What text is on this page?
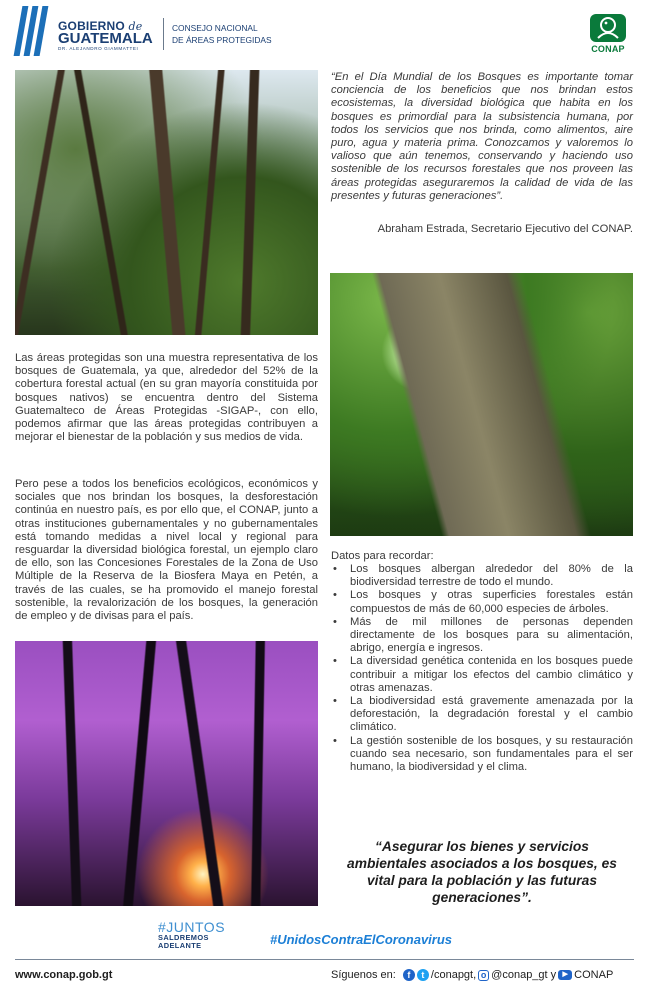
GOBIERNO de
GUATEMALA
DR. ALEJANDRO GIAMMATTEI
CONSEJO NACIONAL
DE ÁREAS PROTEGIDAS
CONAP
“En el Día Mundial de los Bosques es importante tomar conciencia de los beneficios que nos brindan estos ecosistemas, la diversidad biológica que habita en los bosques es primordial para la subsistencia humana, por todos los servicios que nos brinda, como alimentos, aire puro, agua y materia prima. Conozcamos y valoremos lo valioso que aún tenemos, conservando y haciendo uso sostenible de los recursos forestales que nos proveen las áreas protegidas aseguraremos la calidad de vida de las presentes y futuras generaciones”.
Abraham Estrada, Secretario Ejecutivo del CONAP.
Las áreas protegidas son una muestra representativa de los bosques de Guatemala, ya que, alrededor del 52% de la cobertura forestal actual (en su gran mayoría constituida por bosques nativos) se encuentra dentro del Sistema Guatemalteco de Áreas Protegidas -SIGAP-, con ello, podemos afirmar que las áreas protegidas contribuyen a mejorar el bienestar de la población y sus medios de vida.
Pero pese a todos los beneficios ecológicos, económicos y sociales que nos brindan los bosques, la desforestación continúa en nuestro país, es por ello que, el CONAP, junto a otras instituciones gubernamentales y no gubernamentales está tomando medidas a nivel local y regional para resguardar la diversidad biológica forestal, un ejemplo claro de ello, son las Concesiones Forestales de la Zona de Uso Múltiple de la Reserva de la Biosfera Maya en Petén, a través de las cuales, se ha promovido el manejo forestal sostenible, la revalorización de los bosques, la generación de empleo y de divisas para el país.
Datos para recordar:
• Los bosques albergan alrededor del 80% de la biodiversidad terrestre de todo el mundo.
• Los bosques y otras superficies forestales están compuestos de más de 60,000 especies de árboles.
• Más de mil millones de personas dependen directamente de los bosques para su alimentación, abrigo, energía e ingresos.
• La diversidad genética contenida en los bosques puede contribuir a mitigar los efectos del cambio climático y otras amenazas.
• La biodiversidad está gravemente amenazada por la deforestación, la degradación forestal y el cambio climático.
• La gestión sostenible de los bosques, y su restauración cuando sea necesario, son fundamentales para el ser humano, la biodiversidad y el clima.
“Asegurar los bienes y servicios ambientales asociados a los bosques, es vital para la población y las futuras generaciones”.
#JUNTOS
SALDREMOS
ADELANTE	#UnidosContraElCoronavirus
www.conap.gob.gt	Síguenos en:
	f	t /conapgt, o @conap_gt y ▶ CONAP
